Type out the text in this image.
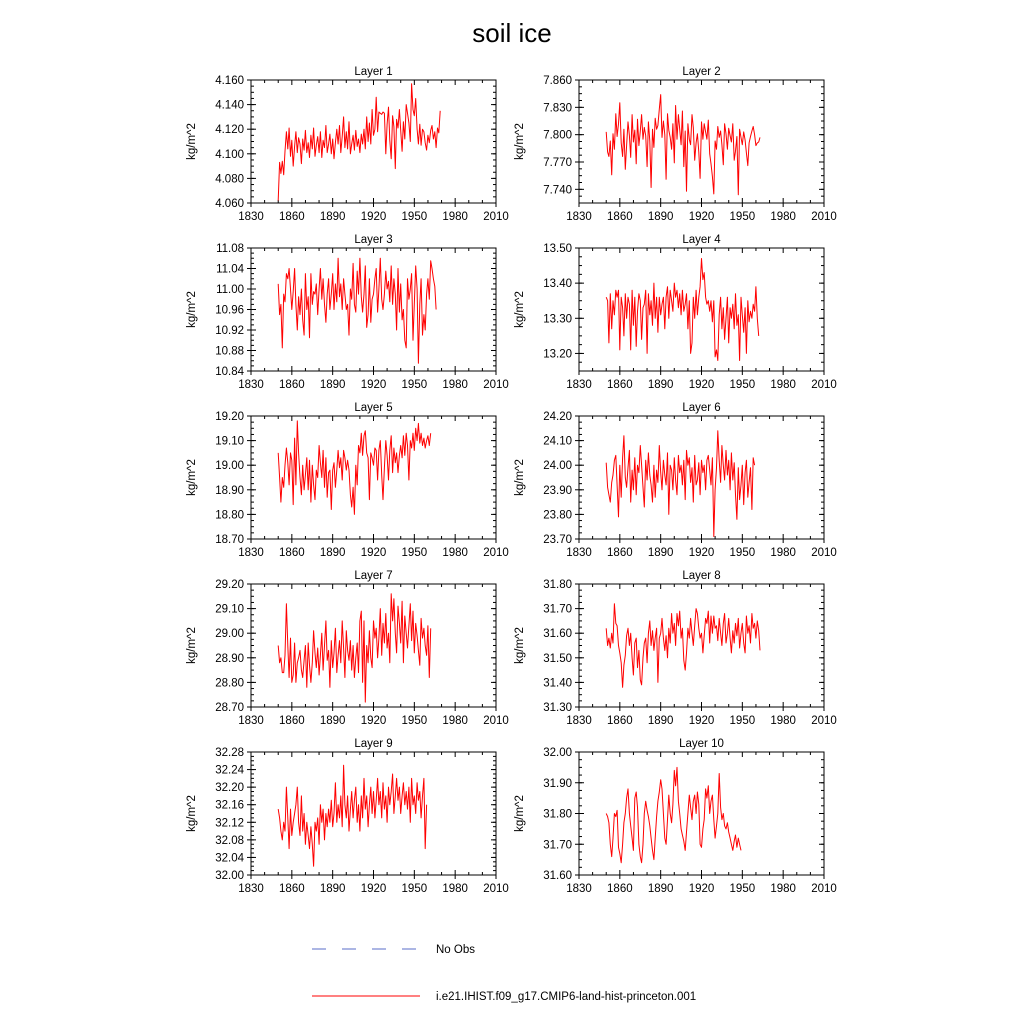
soil ice
Layer 1
kg/m^2
1830 1860 1890 1920 1950 1980 2010
4.060
4.080
4.100
4.120
4.140
4.160
Layer 2
kg/m^2
1830 1860 1890 1920 1950 1980 2010
7.740
7.770
7.800
7.830
7.860
Layer 3
kg/m^2
1830 1860 1890 1920 1950 1980 2010
10.84
10.88
10.92
10.96
11.00
11.04
11.08
Layer 4
kg/m^2
1830 1860 1890 1920 1950 1980 2010
13.20
13.30
13.40
13.50
Layer 5
kg/m^2
1830 1860 1890 1920 1950 1980 2010
18.70
18.80
18.90
19.00
19.10
19.20
Layer 6
kg/m^2
1830 1860 1890 1920 1950 1980 2010
23.70
23.80
23.90
24.00
24.10
24.20
Layer 7
kg/m^2
1830 1860 1890 1920 1950 1980 2010
28.70
28.80
28.90
29.00
29.10
29.20
Layer 8
kg/m^2
1830 1860 1890 1920 1950 1980 2010
31.30
31.40
31.50
31.60
31.70
31.80
Layer 9
kg/m^2
1830 1860 1890 1920 1950 1980 2010
32.00
32.04
32.08
32.12
32.16
32.20
32.24
32.28
Layer 10
kg/m^2
1830 1860 1890 1920 1950 1980 2010
31.60
31.70
31.80
31.90
32.00
No Obs
i.e21.IHIST.f09_g17.CMIP6-land-hist-princeton.001
